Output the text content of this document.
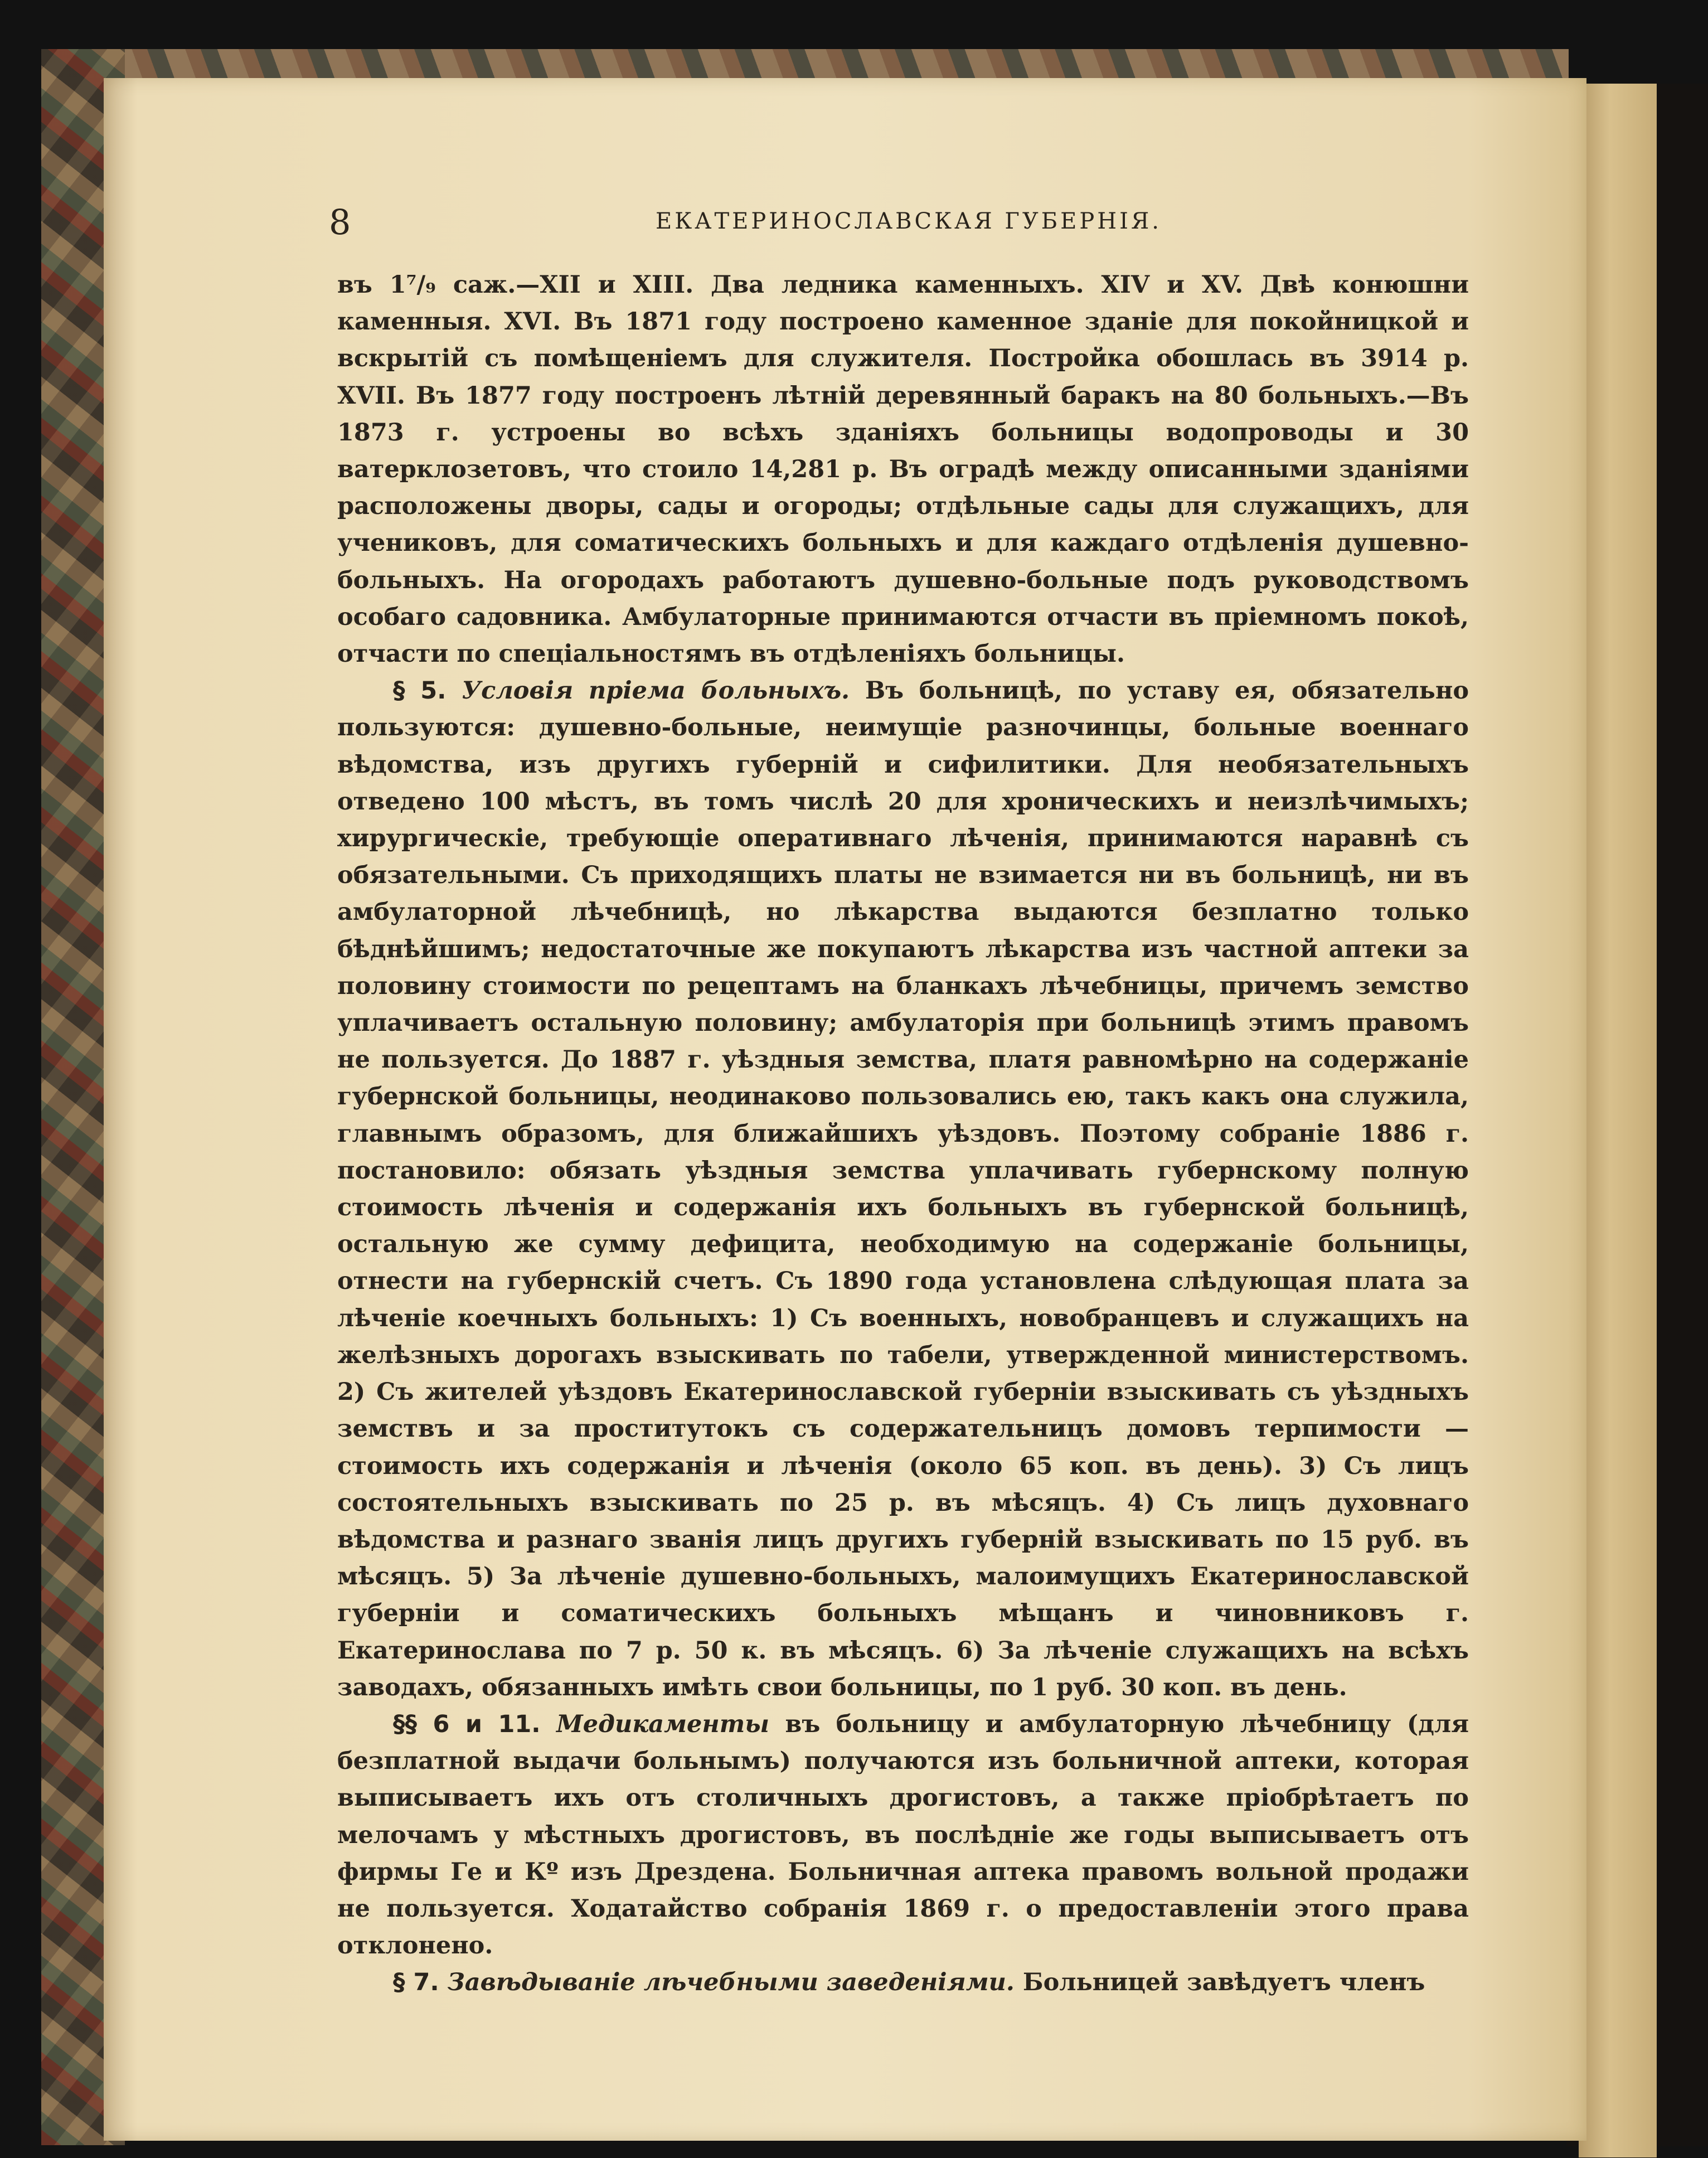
8	ЕКАТЕРИНОСЛАВСКАЯ ГУБЕРНІЯ.

въ 1⁷/₉ саж.—XII и XIII. Два ледника каменныхъ. XIV и XV. Двѣ конюшни каменныя. XVI. Въ 1871 году построено каменное зданіе для покойницкой и вскрытій съ помѣщеніемъ для служителя. Постройка обошлась въ 3914 р. XVII. Въ 1877 году построенъ лѣтній деревянный баракъ на 80 больныхъ.—Въ 1873 г. устроены во всѣхъ зданіяхъ больницы водопроводы и 30 ватерклозетовъ, что стоило 14,281 р. Въ оградѣ между описанными зданіями расположены дворы, сады и огороды; отдѣльные сады для служащихъ, для учениковъ, для соматическихъ больныхъ и для каждаго отдѣленія душевно-больныхъ. На огородахъ работаютъ душевно-больные подъ руководствомъ особаго садовника. Амбулаторные принимаются отчасти въ пріемномъ покоѣ, отчасти по спеціальностямъ въ отдѣленіяхъ больницы.

§ 5. Условія пріема больныхъ. Въ больницѣ, по уставу ея, обязательно пользуются: душевно-больные, неимущіе разночинцы, больные военнаго вѣдомства, изъ другихъ губерній и сифилитики. Для необязательныхъ отведено 100 мѣстъ, въ томъ числѣ 20 для хроническихъ и неизлѣчимыхъ; хирургическіе, требующіе оперативнаго лѣченія, принимаются наравнѣ съ обязательными. Съ приходящихъ платы не взимается ни въ больницѣ, ни въ амбулаторной лѣчебницѣ, но лѣкарства выдаются безплатно только бѣднѣйшимъ; недостаточные же покупаютъ лѣкарства изъ частной аптеки за половину стоимости по рецептамъ на бланкахъ лѣчебницы, причемъ земство уплачиваетъ остальную половину; амбулаторія при больницѣ этимъ правомъ не пользуется. До 1887 г. уѣздныя земства, платя равномѣрно на содержаніе губернской больницы, неодинаково пользовались ею, такъ какъ она служила, главнымъ образомъ, для ближайшихъ уѣздовъ. Поэтому собраніе 1886 г. постановило: обязать уѣздныя земства уплачивать губернскому полную стоимость лѣченія и содержанія ихъ больныхъ въ губернской больницѣ, остальную же сумму дефицита, необходимую на содержаніе больницы, отнести на губернскій счетъ. Съ 1890 года установлена слѣдующая плата за лѣченіе коечныхъ больныхъ: 1) Съ военныхъ, новобранцевъ и служащихъ на желѣзныхъ дорогахъ взыскивать по табели, утвержденной министерствомъ. 2) Съ жителей уѣздовъ Екатеринославской губерніи взыскивать съ уѣздныхъ земствъ и за проститутокъ съ содержательницъ домовъ терпимости — стоимость ихъ содержанія и лѣченія (около 65 коп. въ день). 3) Съ лицъ состоятельныхъ взыскивать по 25 р. въ мѣсяцъ. 4) Съ лицъ духовнаго вѣдомства и разнаго званія лицъ другихъ губерній взыскивать по 15 руб. въ мѣсяцъ. 5) За лѣченіе душевно-больныхъ, малоимущихъ Екатеринославской губерніи и соматическихъ больныхъ мѣщанъ и чиновниковъ г. Екатеринослава по 7 р. 50 к. въ мѣсяцъ. 6) За лѣченіе служащихъ на всѣхъ заводахъ, обязанныхъ имѣть свои больницы, по 1 руб. 30 коп. въ день.

§§ 6 и 11. Медикаменты въ больницу и амбулаторную лѣчебницу (для безплатной выдачи больнымъ) получаются изъ больничной аптеки, которая выписываетъ ихъ отъ столичныхъ дрогистовъ, а также пріобрѣтаетъ по мелочамъ у мѣстныхъ дрогистовъ, въ послѣдніе же годы выписываетъ отъ фирмы Ге и Кº изъ Дрездена. Больничная аптека правомъ вольной продажи не пользуется. Ходатайство собранія 1869 г. о предоставленіи этого права отклонено.

§ 7. Завѣдываніе лѣчебными заведеніями. Больницей завѣдуетъ членъ
